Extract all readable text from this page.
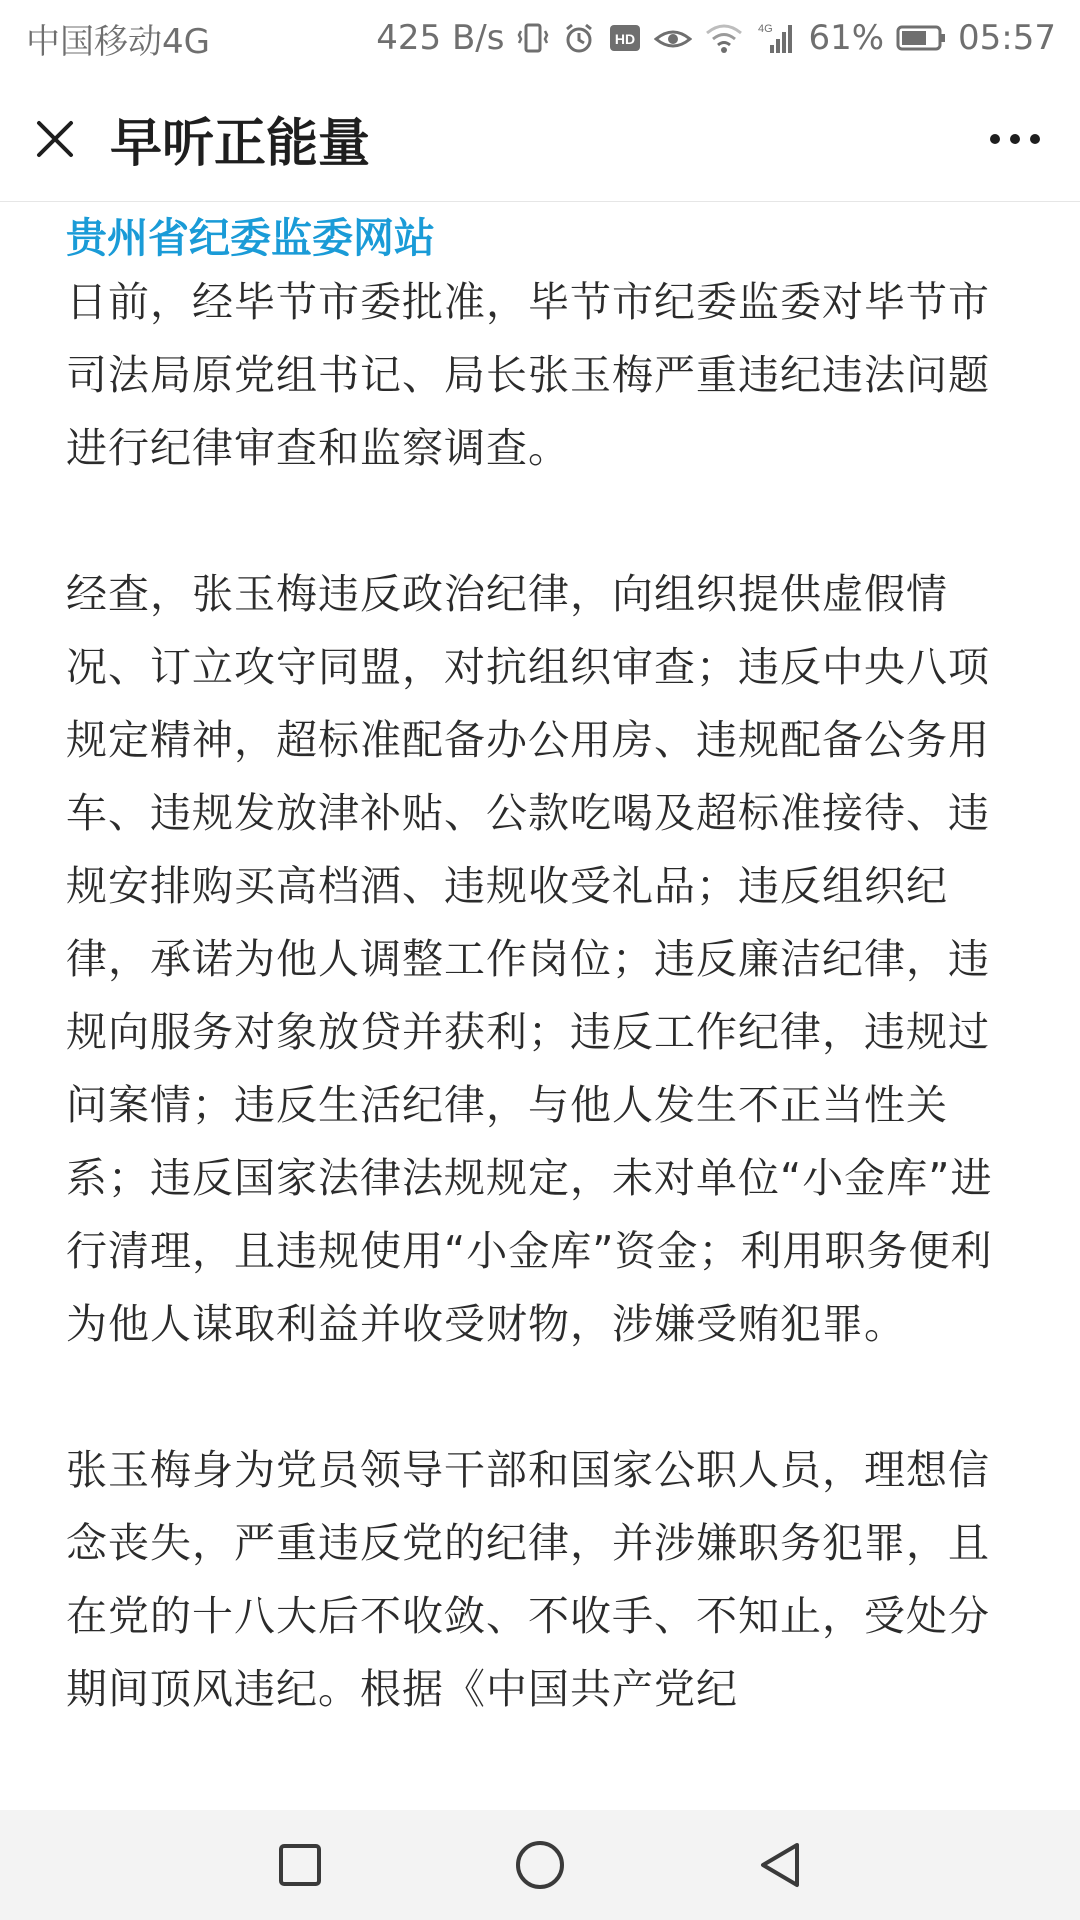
中国移动4G	425 B/s	HD
4G 61% 05:57
早听正能量
贵州省纪委监委网站

日前，经毕节市委批准，毕节市纪委监委对毕节市司法局原党组书记、局长张玉梅严重违纪违法问题进行纪律审查和监察调查。

经查，张玉梅违反政治纪律，向组织提供虚假情况、订立攻守同盟，对抗组织审查；违反中央八项规定精神，超标准配备办公用房、违规配备公务用车、违规发放津补贴、公款吃喝及超标准接待、违规安排购买高档酒、违规收受礼品；违反组织纪律，承诺为他人调整工作岗位；违反廉洁纪律，违规向服务对象放贷并获利；违反工作纪律，违规过问案情；违反生活纪律，与他人发生不正当性关系；违反国家法律法规规定，未对单位“小金库”进行清理，且违规使用“小金库”资金；利用职务便利为他人谋取利益并收受财物，涉嫌受贿犯罪。

张玉梅身为党员领导干部和国家公职人员，理想信念丧失，严重违反党的纪律，并涉嫌职务犯罪，且在党的十八大后不收敛、不收手、不知止，受处分期间顶风违纪。根据《中国共产党纪
